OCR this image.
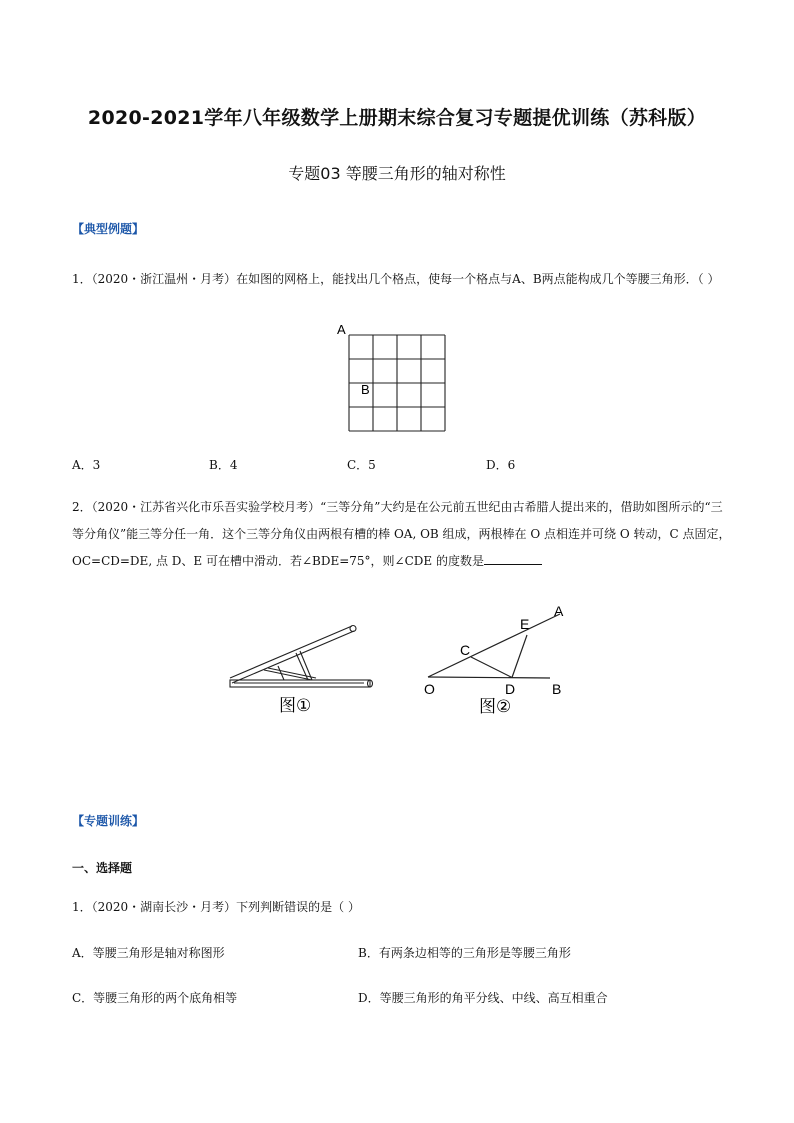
2020-2021学年八年级数学上册期末综合复习专题提优训练（苏科版）
专题03 等腰三角形的轴对称性
【典型例题】
1．（2020・浙江温州・月考）在如图的网格上，能找出几个格点，使每一个格点与A、B两点能构成几个等腰三角形．（ ）
A
B
A．3	B．4	C．5	D．6
2．（2020・江苏省兴化市乐吾实验学校月考）“三等分角”大约是在公元前五世纪由古希腊人提出来的，借助如图所示的“三
等分角仪”能三等分任一角．这个三等分角仪由两根有槽的棒 OA, OB 组成，两根棒在 O 点相连并可绕 O 转动，C 点固定，
OC=CD=DE, 点 D、E 可在槽中滑动．若∠BDE=75°，则∠CDE 的度数是
图①
O
C
D
E
A
B
图②
【专题训练】
一、选择题
1．（2020・湖南长沙・月考）下列判断错误的是（ ）
A．等腰三角形是轴对称图形	B．有两条边相等的三角形是等腰三角形
C．等腰三角形的两个底角相等	D．等腰三角形的角平分线、中线、高互相重合
